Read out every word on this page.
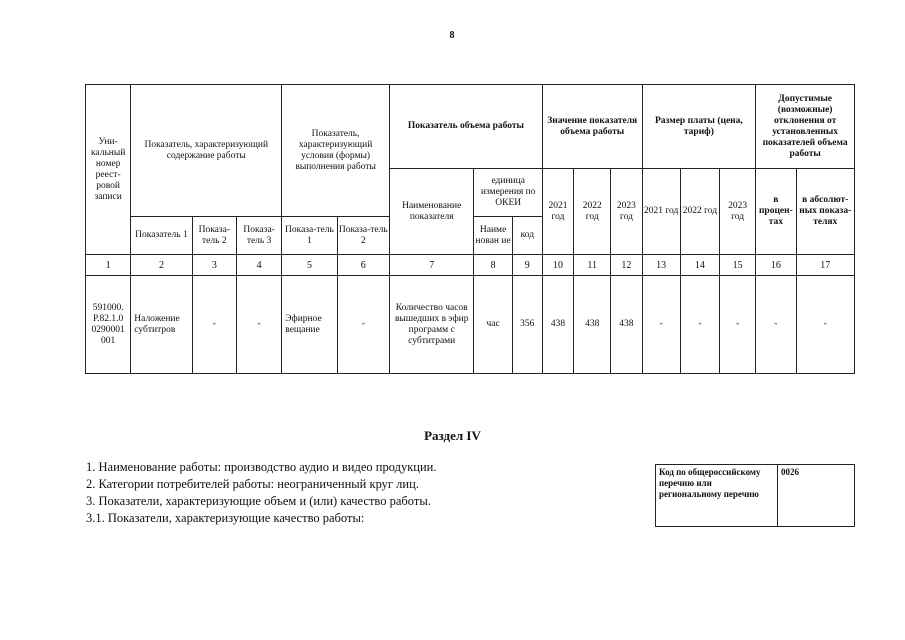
8
Уни-кальный номер реест-ровой записи	Показатель, характеризующий содержание работы			Показатель, характеризующий условия (формы) выполнения работы		Показатель объема работы			Значение показателя объема работы			Размер платы (цена, тариф)			Допустимые (возможные) отклонения от установленных показателей объема работы	
						Наименование показателя	единица измерения по ОКЕИ		2021 год	2022 год	2023 год	2021 год	2022 год	2023 год	в процен-тах	в абсолют-ных показа-телях
	Показатель 1	Показа-тель 2	Показа-тель 3	Показа-тель 1	Показа-тель 2		Наиме нован ие	код								
1	2	3	4	5	6	7	8	9	10	11	12	13	14	15	16	17
591000. Р.82.1.0 0290001 001	Наложение субтитров	-	-	Эфирное вещание	-	Количество часов вышедших в эфир программ с субтитрами	час	356	438	438	438	-	-	-	-	-
Раздел IV
1. Наименование работы: производство аудио и видео продукции.
2. Категории потребителей работы: неограниченный круг лиц.
3. Показатели, характеризующие объем и (или) качество работы.
3.1. Показатели, характеризующие качество работы:
Код по общероссийскому перечню или региональному перечню	0026
